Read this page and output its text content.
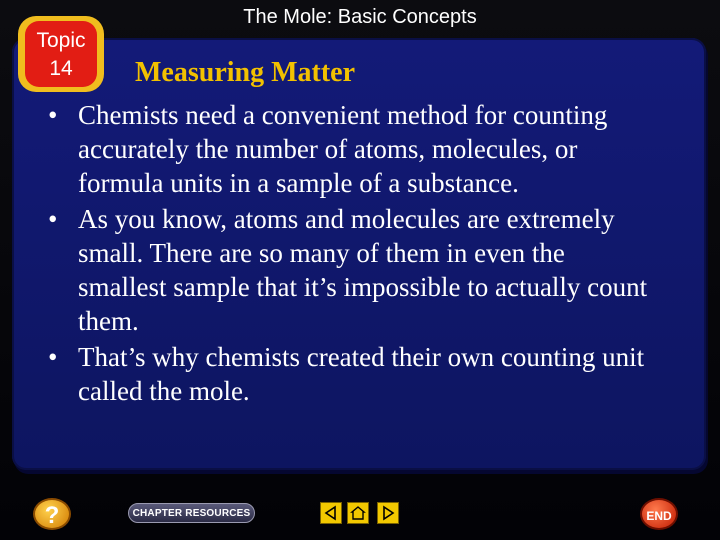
The Mole: Basic Concepts
Topic
14	Measuring Matter
• Chemists need a convenient method for counting accurately the number of atoms, molecules, or formula units in a sample of a substance.
• As you know, atoms and molecules are extremely small. There are so many of them in even the smallest sample that it’s impossible to actually count them.
• That’s why chemists created their own counting unit called the mole.
?	CHAPTER RESOURCES	END
